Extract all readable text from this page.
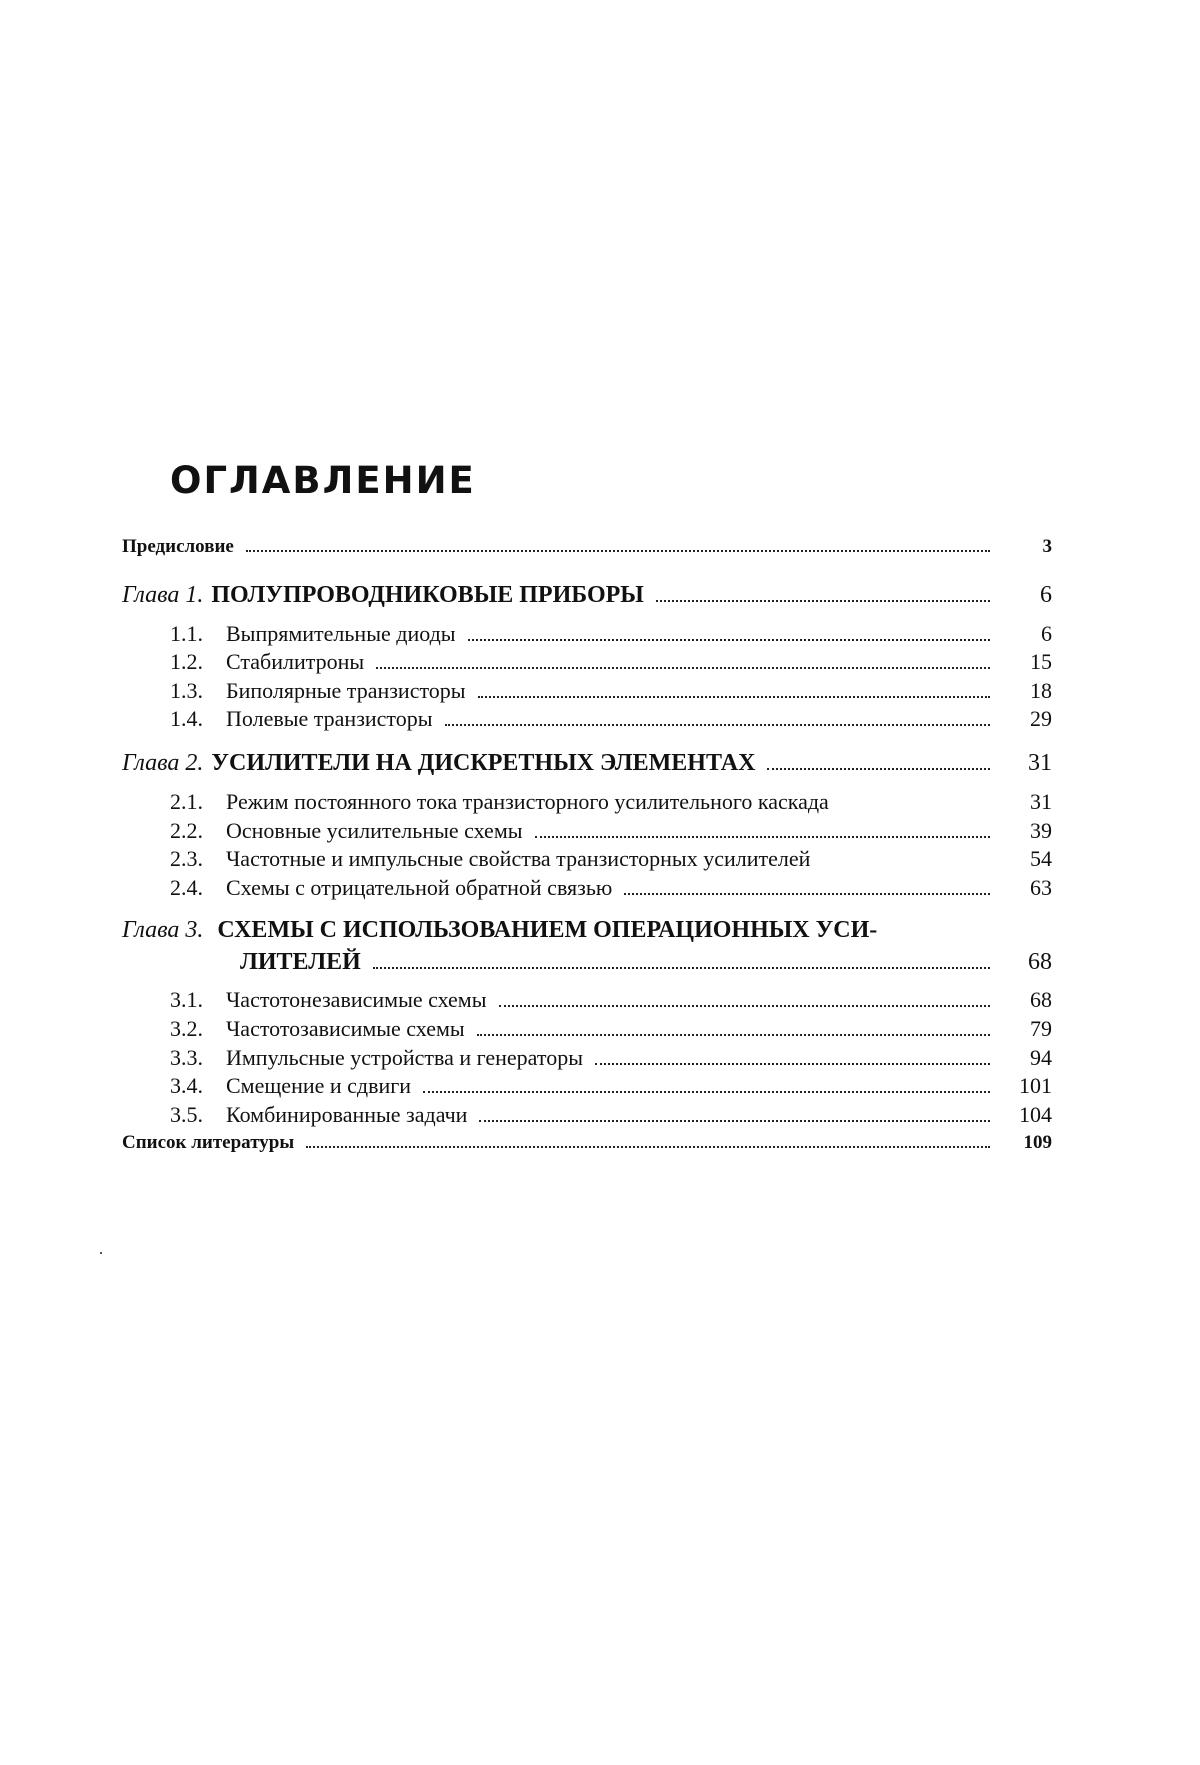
ОГЛАВЛЕНИЕ
Предисловие	3
Глава 1. ПОЛУПРОВОДНИКОВЫЕ ПРИБОРЫ	6
1.1.	Выпрямительные диоды	6
1.2.	Стабилитроны	15
1.3.	Биполярные транзисторы	18
1.4.	Полевые транзисторы	29
Глава 2. УСИЛИТЕЛИ НА ДИСКРЕТНЫХ ЭЛЕМЕНТАХ	31
2.1.	Режим постоянного тока транзисторного усилительного каскада	31
2.2.	Основные усилительные схемы	39
2.3.	Частотные и импульсные свойства транзисторных усилителей	54
2.4.	Схемы с отрицательной обратной связью	63
Глава 3. СХЕМЫ С ИСПОЛЬЗОВАНИЕМ ОПЕРАЦИОННЫХ УСИ-
ЛИТЕЛЕЙ	68
3.1.	Частотонезависимые схемы	68
3.2.	Частотозависимые схемы	79
3.3.	Импульсные устройства и генераторы	94
3.4.	Смещение и сдвиги	101
3.5.	Комбинированные задачи	104
Список литературы	109
